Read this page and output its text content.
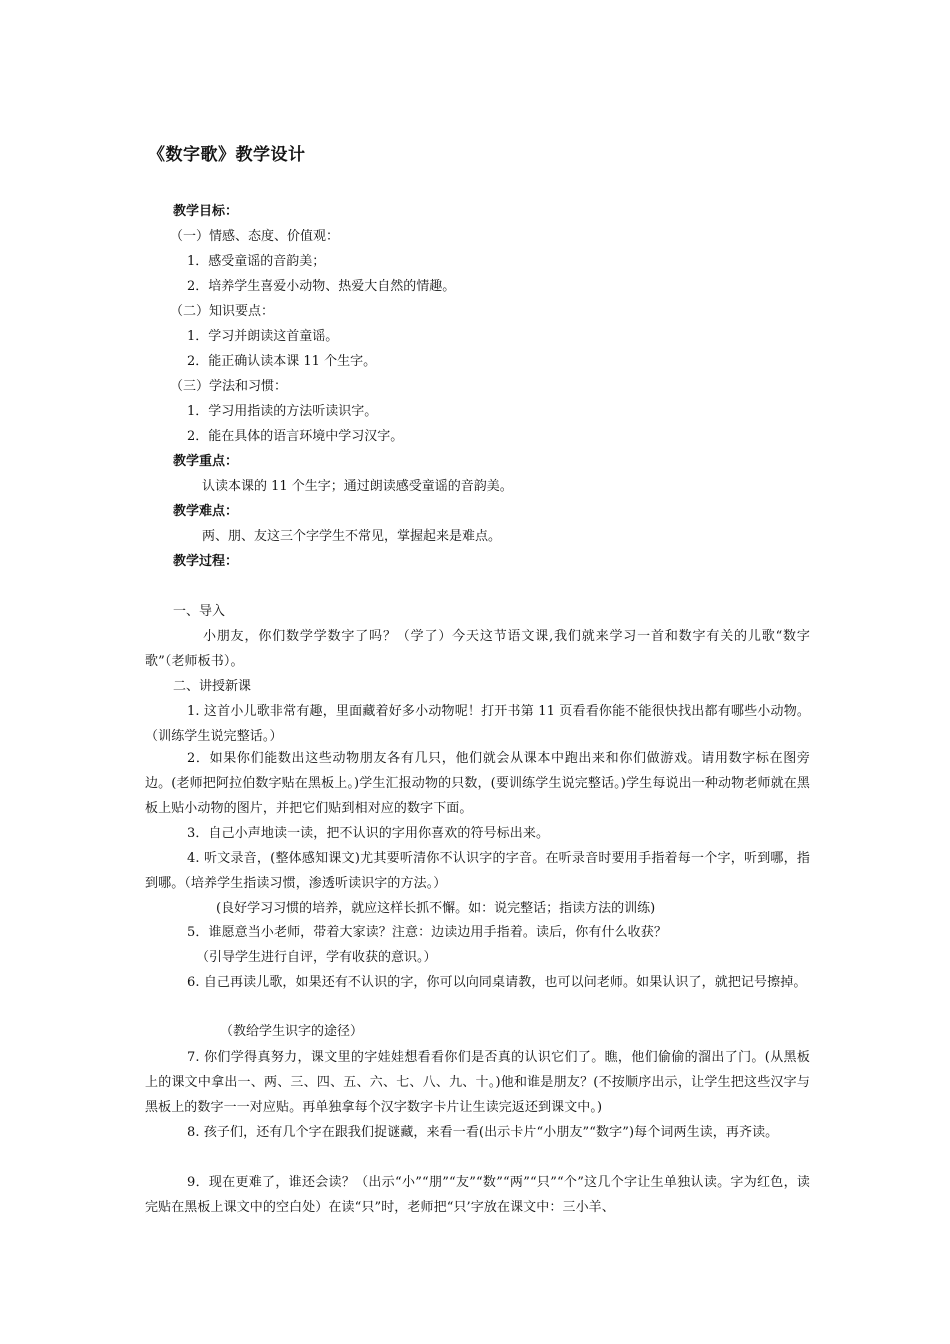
《数字歌》教学设计
教学目标：
（一）情感、态度、价值观：
1．感受童谣的音韵美；
2．培养学生喜爱小动物、热爱大自然的情趣。
（二）知识要点：
1．学习并朗读这首童谣。
2．能正确认读本课 11 个生字。
（三）学法和习惯：
1．学习用指读的方法听读识字。
2．能在具体的语言环境中学习汉字。
教学重点：
认读本课的 11 个生字；通过朗读感受童谣的音韵美。
教学难点：
两、朋、友这三个字学生不常见，掌握起来是难点。
教学过程：
一、导入
小朋友，你们数学学数字了吗？（学了）今天这节语文课,我们就来学习一首和数字有关的儿歌“数字歌”（老师板书）。
二、讲授新课
1. 这首小儿歌非常有趣，里面藏着好多小动物呢！打开书第 11 页看看你能不能很快找出都有哪些小动物。（训练学生说完整话。）
2．如果你们能数出这些动物朋友各有几只，他们就会从课本中跑出来和你们做游戏。请用数字标在图旁边。(老师把阿拉伯数字贴在黑板上。)学生汇报动物的只数，(要训练学生说完整话。)学生每说出一种动物老师就在黑板上贴小动物的图片，并把它们贴到相对应的数字下面。
3．自己小声地读一读，把不认识的字用你喜欢的符号标出来。
4. 听文录音，(整体感知课文)尤其要听清你不认识字的字音。在听录音时要用手指着每一个字，听到哪，指到哪。（培养学生指读习惯，渗透听读识字的方法。）
(良好学习习惯的培养，就应这样长抓不懈。如：说完整话；指读方法的训练)
5．谁愿意当小老师，带着大家读？注意：边读边用手指着。读后，你有什么收获？
（引导学生进行自评，学有收获的意识。）
6. 自己再读儿歌，如果还有不认识的字，你可以向同桌请教，也可以问老师。如果认识了，就把记号擦掉。
（教给学生识字的途径）
7. 你们学得真努力，课文里的字娃娃想看看你们是否真的认识它们了。瞧，他们偷偷的溜出了门。(从黑板上的课文中拿出一、两、三、四、五、六、七、八、九、十。)他和谁是朋友？(不按顺序出示，让学生把这些汉字与黑板上的数字一一对应贴。再单独拿每个汉字数字卡片让生读完返还到课文中。)
8. 孩子们，还有几个字在跟我们捉谜藏，来看一看(出示卡片“小朋友”“数字”)每个词两生读，再齐读。
9．现在更难了，谁还会读？（出示“小”“朋”“友”“数”“两”“只”“个”这几个字让生单独认读。字为红色，读完贴在黑板上课文中的空白处）在读“只”时，老师把“只’字放在课文中：三小羊、
